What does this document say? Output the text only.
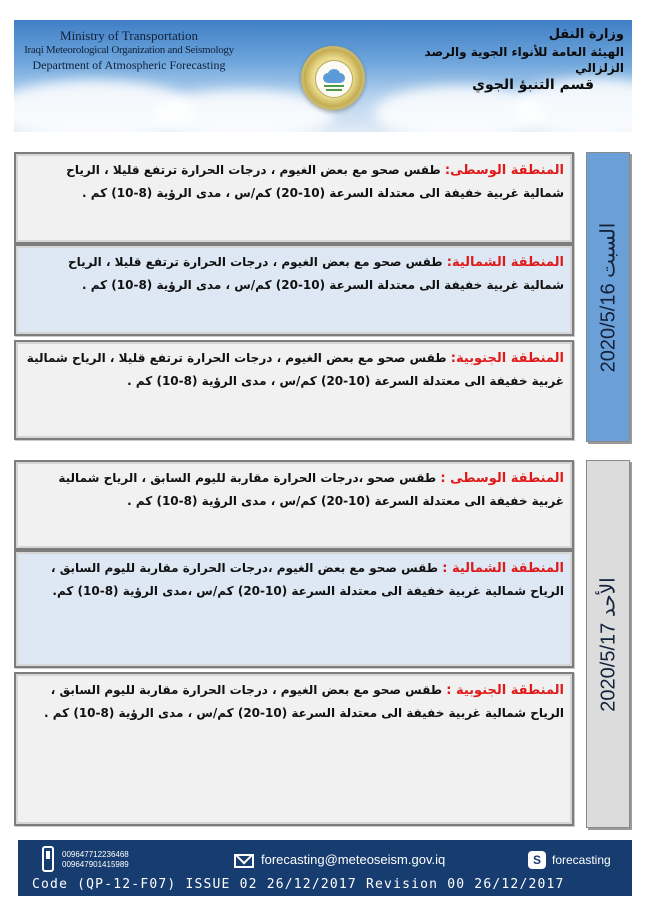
Ministry of Transportation
Iraqi Meteorological Organization and Seismology
Department of Atmospheric Forecasting
وزارة النقل
الهيئة العامة للأنواء الجوية والرصد الزلزالي
قسم التنبؤ الجوي
المنطقة الوسطى: طقس صحو مع بعض الغيوم ، درجات الحرارة ترتفع قليلا ، الرياح شمالية غربية خفيفة الى معتدلة السرعة (10-20) كم/س ، مدى الرؤية (8-10) كم .
المنطقة الشمالية: طقس صحو مع بعض الغيوم ، درجات الحرارة ترتفع قليلا ، الرياح شمالية غربية خفيفة الى معتدلة السرعة (10-20) كم/س ، مدى الرؤية (8-10) كم .
المنطقة الجنوبية: طقس صحو مع بعض الغيوم ، درجات الحرارة ترتفع قليلا ، الرياح شمالية غربية خفيفة الى معتدلة السرعة (10-20) كم/س ، مدى الرؤية (8-10) كم .
السبت 2020/5/16
المنطقة الوسطى : طقس صحو ،درجات الحرارة مقاربة لليوم السابق ، الرياح شمالية غربية خفيفة الى معتدلة السرعة (10-20) كم/س ، مدى الرؤية (8-10) كم .
المنطقة الشمالية : طقس صحو مع بعض الغيوم ،درجات الحرارة مقاربة لليوم السابق ، الرياح شمالية غربية خفيفة الى معتدلة السرعة (10-20) كم/س ،مدى الرؤية (8-10) كم.
المنطقة الجنوبية : طقس صحو مع بعض الغيوم ، درجات الحرارة مقاربة لليوم السابق ، الرياح شمالية غربية خفيفة الى معتدلة السرعة (10-20) كم/س ، مدى الرؤية (8-10) كم .
الأحد 2020/5/17
009647712236468
009647901415989	forecasting@meteoseism.gov.iq	S forecasting
Code (QP-12-F07) ISSUE 02 26/12/2017 Revision 00 26/12/2017
